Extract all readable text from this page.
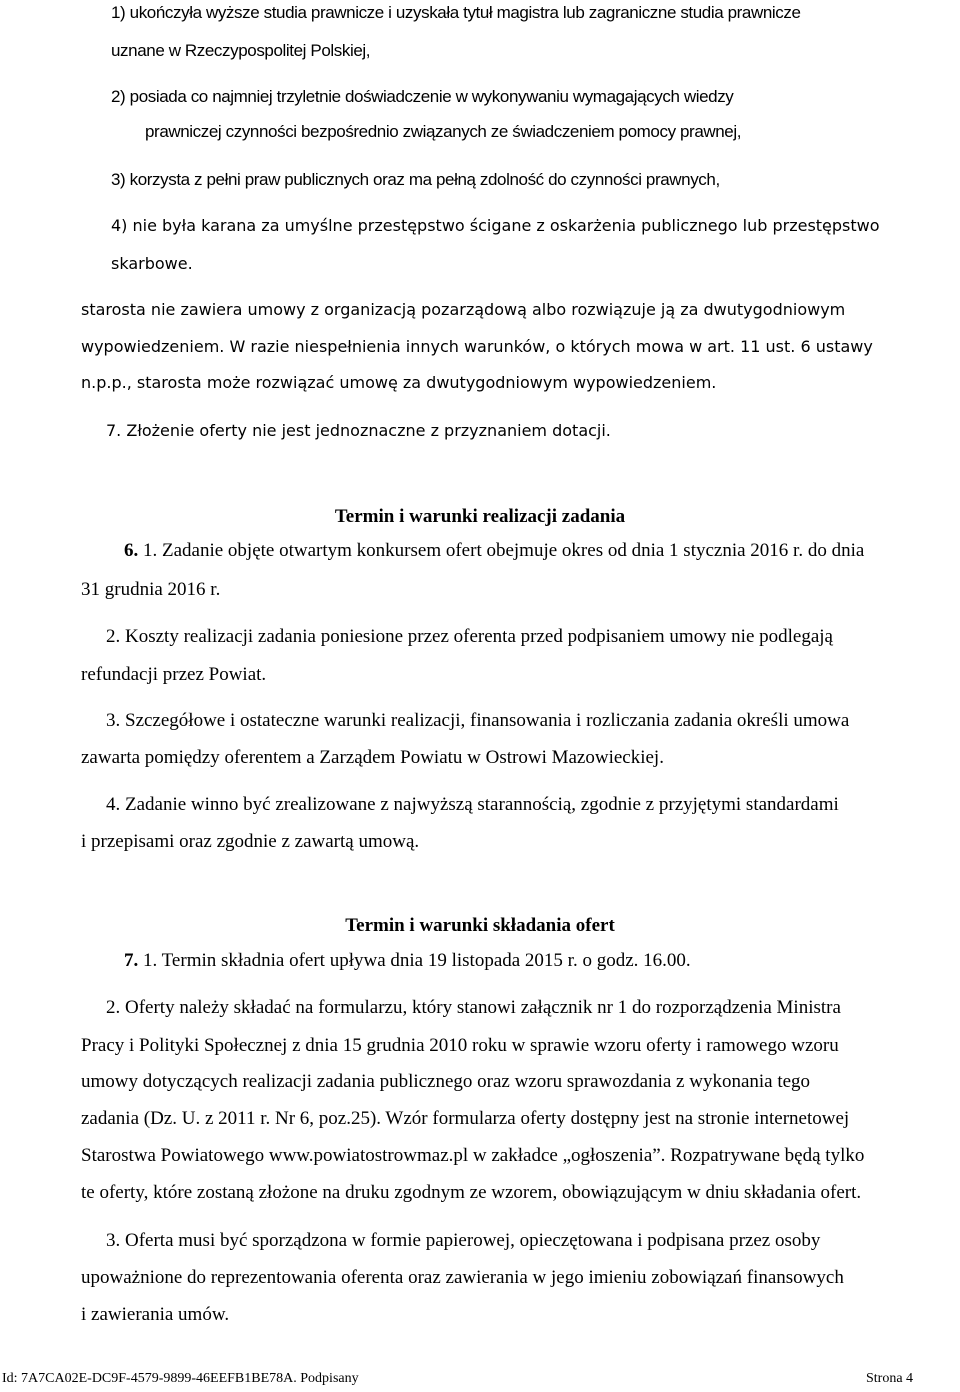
1) ukończyła wyższe studia prawnicze i uzyskała tytuł magistra lub zagraniczne studia prawnicze
uznane w Rzeczypospolitej Polskiej,
2) posiada co najmniej trzyletnie doświadczenie w wykonywaniu wymagających wiedzy
prawniczej czynności bezpośrednio związanych ze świadczeniem pomocy prawnej,
3) korzysta z pełni praw publicznych oraz ma pełną zdolność do czynności prawnych,
4) nie była karana za umyślne przestępstwo ścigane z oskarżenia publicznego lub przestępstwo
skarbowe.
starosta nie zawiera umowy z organizacją pozarządową albo rozwiązuje ją za dwutygodniowym
wypowiedzeniem. W razie niespełnienia innych warunków, o których mowa w art. 11 ust. 6 ustawy
n.p.p., starosta może rozwiązać umowę za dwutygodniowym wypowiedzeniem.
7. Złożenie oferty nie jest jednoznaczne z przyznaniem dotacji.
Termin i warunki realizacji zadania
6. 1. Zadanie objęte otwartym konkursem ofert obejmuje okres od dnia 1 stycznia 2016 r. do dnia
31 grudnia 2016 r.
2. Koszty realizacji zadania poniesione przez oferenta przed podpisaniem umowy nie podlegają
refundacji przez Powiat.
3. Szczegółowe i ostateczne warunki realizacji, finansowania i rozliczania zadania określi umowa
zawarta pomiędzy oferentem a Zarządem Powiatu w Ostrowi Mazowieckiej.
4. Zadanie winno być zrealizowane z najwyższą starannością, zgodnie z przyjętymi standardami
i przepisami oraz zgodnie z zawartą umową.
Termin i warunki składania ofert
7. 1. Termin składnia ofert upływa dnia 19 listopada 2015 r. o godz. 16.00.
2. Oferty należy składać na formularzu, który stanowi załącznik nr 1 do rozporządzenia Ministra
Pracy i Polityki Społecznej z dnia 15 grudnia 2010 roku w sprawie wzoru oferty i ramowego wzoru
umowy dotyczących realizacji zadania publicznego oraz wzoru sprawozdania z wykonania tego
zadania (Dz. U. z 2011 r. Nr 6, poz.25). Wzór formularza oferty dostępny jest na stronie internetowej
Starostwa Powiatowego www.powiatostrowmaz.pl w zakładce „ogłoszenia”. Rozpatrywane będą tylko
te oferty, które zostaną złożone na druku zgodnym ze wzorem, obowiązującym w dniu składania ofert.
3. Oferta musi być sporządzona w formie papierowej, opieczętowana i podpisana przez osoby
upoważnione do reprezentowania oferenta oraz zawierania w jego imieniu zobowiązań finansowych
i zawierania umów.
Id: 7A7CA02E-DC9F-4579-9899-46EEFB1BE78A. Podpisany	Strona 4
